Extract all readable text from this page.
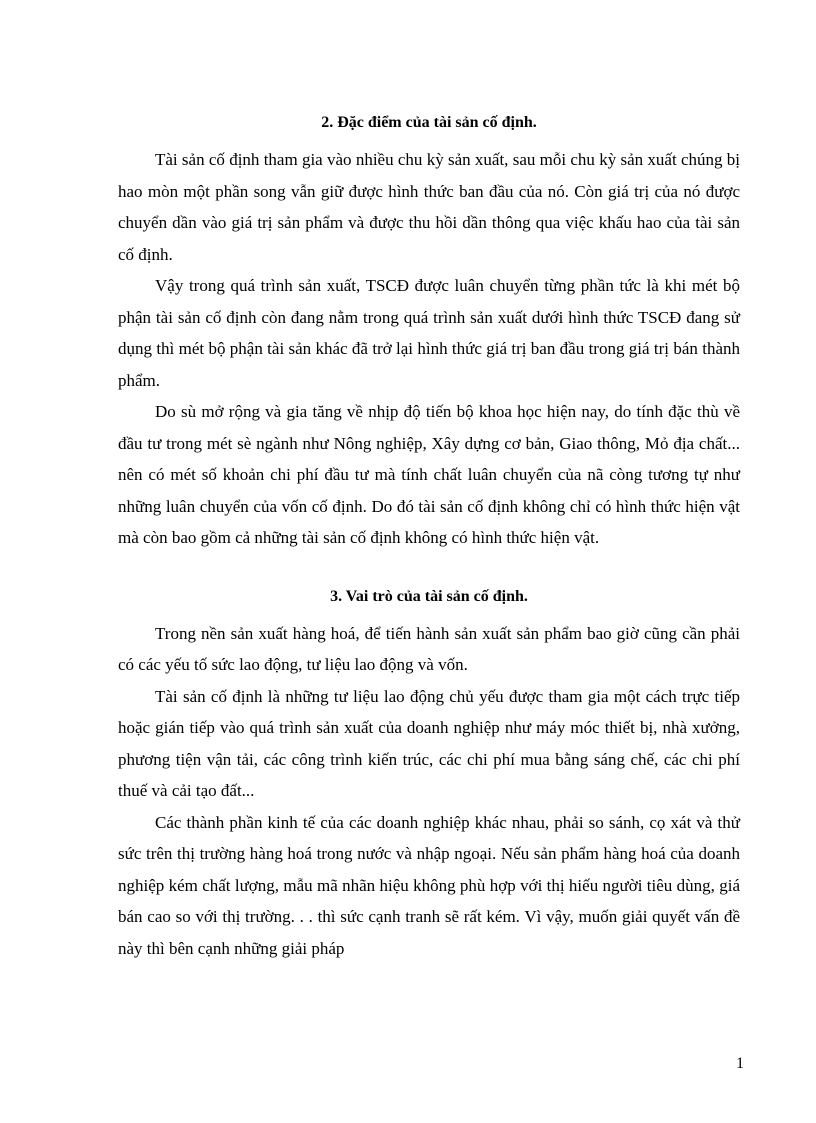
2. Đặc điểm của tài sản cố định.

Tài sản cố định tham gia vào nhiều chu kỳ sản xuất, sau mỗi chu kỳ sản xuất chúng bị hao mòn một phần song vẫn giữ được hình thức ban đầu của nó. Còn giá trị của nó được chuyển dần vào giá trị sản phẩm và được thu hồi dần thông qua việc khấu hao của tài sản cố định.

Vậy trong quá trình sản xuất, TSCĐ được luân chuyển từng phần tức là khi mét bộ phận tài sản cố định còn đang nằm trong quá trình sản xuất dưới hình thức TSCĐ đang sử dụng thì mét bộ phận tài sản khác đã trở lại hình thức giá trị ban đầu trong giá trị bán thành phẩm.

Do sù mở rộng và gia tăng về nhịp độ tiến bộ khoa học hiện nay, do tính đặc thù về đầu tư trong mét sè ngành như Nông nghiệp, Xây dựng cơ bản, Giao thông, Mỏ địa chất... nên có mét số khoản chi phí đầu tư mà tính chất luân chuyển của nã còng tương tự như những luân chuyển của vốn cố định. Do đó tài sản cố định không chỉ có hình thức hiện vật mà còn bao gồm cả những tài sản cố định không có hình thức hiện vật.

3. Vai trò của tài sản cố định.

Trong nền sản xuất hàng hoá, để tiến hành sản xuất sản phẩm bao giờ cũng cần phải có các yếu tố sức lao động, tư liệu lao động và vốn.

Tài sản cố định là những tư liệu lao động chủ yếu được tham gia một cách trực tiếp hoặc gián tiếp vào quá trình sản xuất của doanh nghiệp như máy móc thiết bị, nhà xưởng, phương tiện vận tải, các công trình kiến trúc, các chi phí mua bằng sáng chế, các chi phí thuế và cải tạo đất...

Các thành phần kinh tế của các doanh nghiệp khác nhau, phải so sánh, cọ xát và thử sức trên thị trường hàng hoá trong nước và nhập ngoại. Nếu sản phẩm hàng hoá của doanh nghiệp kém chất lượng, mẫu mã nhãn hiệu không phù hợp với thị hiếu người tiêu dùng, giá bán cao so với thị trường. . . thì sức cạnh tranh sẽ rất kém. Vì vậy, muốn giải quyết vấn đề này thì bên cạnh những giải pháp

1
